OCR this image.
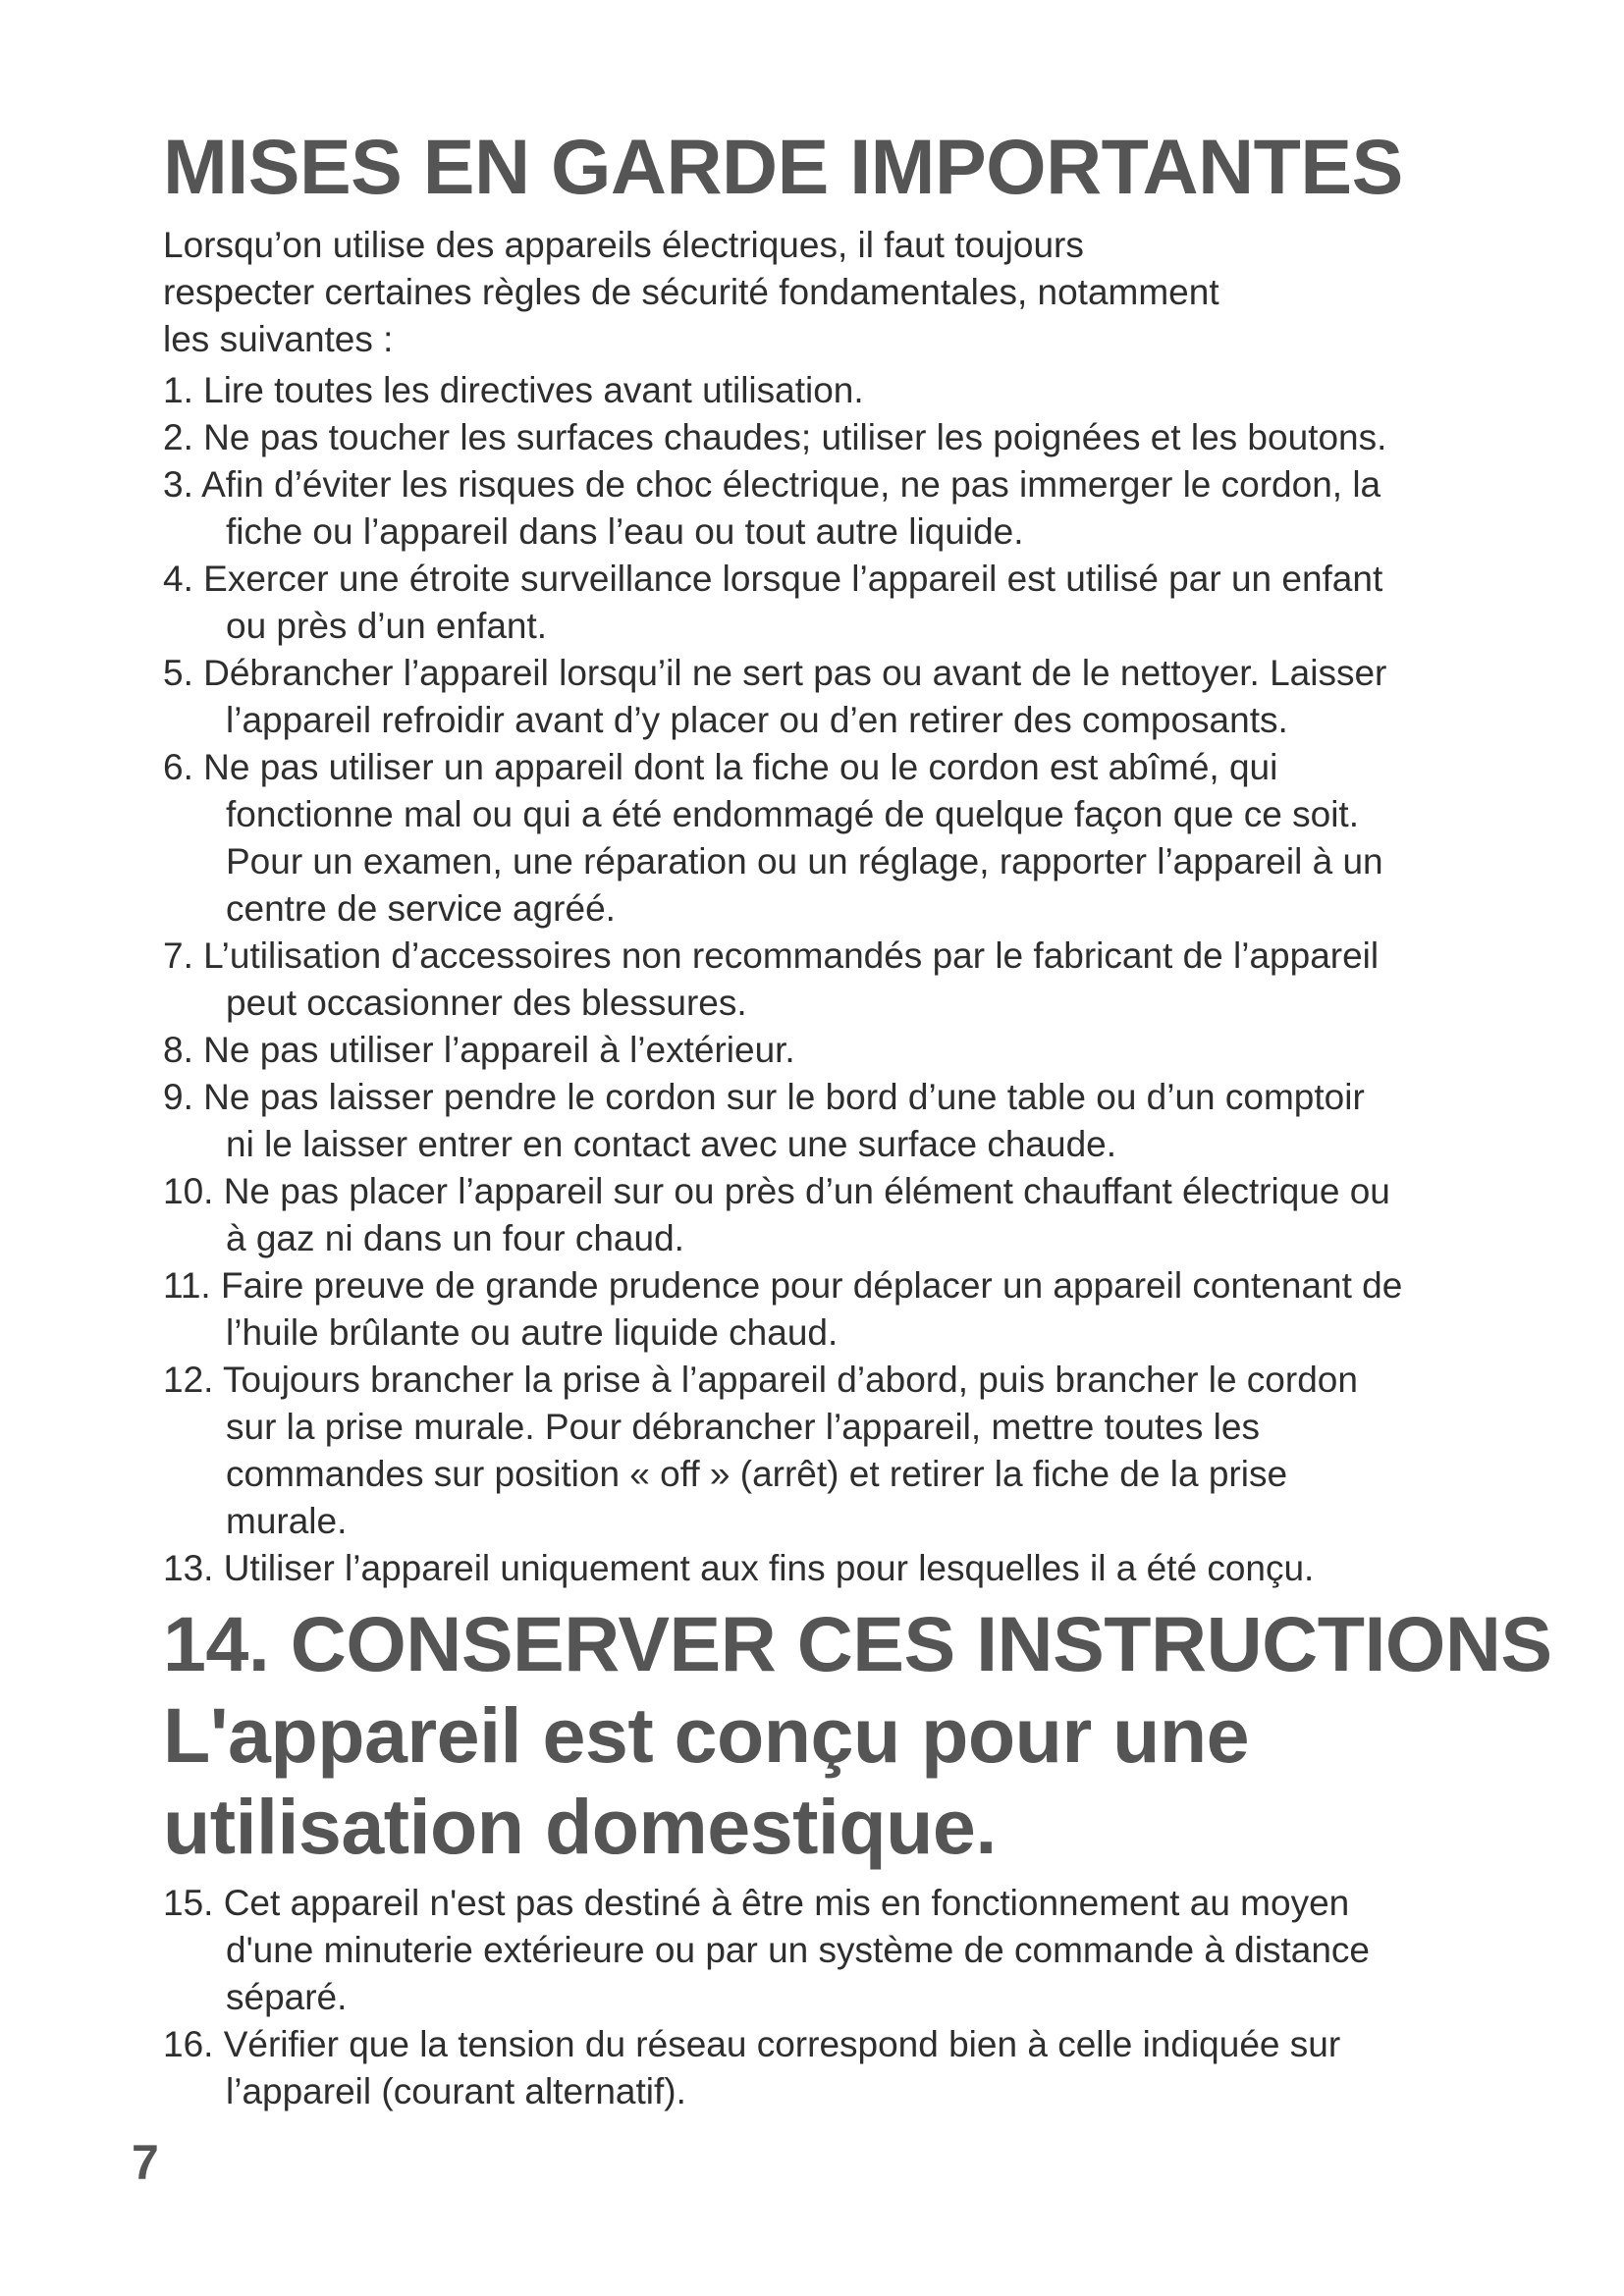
MISES EN GARDE IMPORTANTES
Lorsqu’on utilise des appareils électriques, il faut toujours
respecter certaines règles de sécurité fondamentales, notamment
les suivantes :
1. Lire toutes les directives avant utilisation.
2. Ne pas toucher les surfaces chaudes; utiliser les poignées et les boutons.
3. Afin d’éviter les risques de choc électrique, ne pas immerger le cordon, la
fiche ou l’appareil dans l’eau ou tout autre liquide.
4. Exercer une étroite surveillance lorsque l’appareil est utilisé par un enfant
ou près d’un enfant.
5. Débrancher l’appareil lorsqu’il ne sert pas ou avant de le nettoyer. Laisser
l’appareil refroidir avant d’y placer ou d’en retirer des composants.
6. Ne pas utiliser un appareil dont la fiche ou le cordon est abîmé, qui
fonctionne mal ou qui a été endommagé de quelque façon que ce soit.
Pour un examen, une réparation ou un réglage, rapporter l’appareil à un
centre de service agréé.
7. L’utilisation d’accessoires non recommandés par le fabricant de l’appareil
peut occasionner des blessures.
8. Ne pas utiliser l’appareil à l’extérieur.
9. Ne pas laisser pendre le cordon sur le bord d’une table ou d’un comptoir
ni le laisser entrer en contact avec une surface chaude.
10. Ne pas placer l’appareil sur ou près d’un élément chauffant électrique ou
à gaz ni dans un four chaud.
11. Faire preuve de grande prudence pour déplacer un appareil contenant de
l’huile brûlante ou autre liquide chaud.
12. Toujours brancher la prise à l’appareil d’abord, puis brancher le cordon
sur la prise murale. Pour débrancher l’appareil, mettre toutes les
commandes sur position « off » (arrêt) et retirer la fiche de la prise
murale.
13. Utiliser l’appareil uniquement aux fins pour lesquelles il a été conçu.
14. CONSERVER CES INSTRUCTIONS
L'appareil est conçu pour une
utilisation domestique.
15. Cet appareil n'est pas destiné à être mis en fonctionnement au moyen
d'une minuterie extérieure ou par un système de commande à distance
séparé.
16. Vérifier que la tension du réseau correspond bien à celle indiquée sur
l’appareil (courant alternatif).
7
